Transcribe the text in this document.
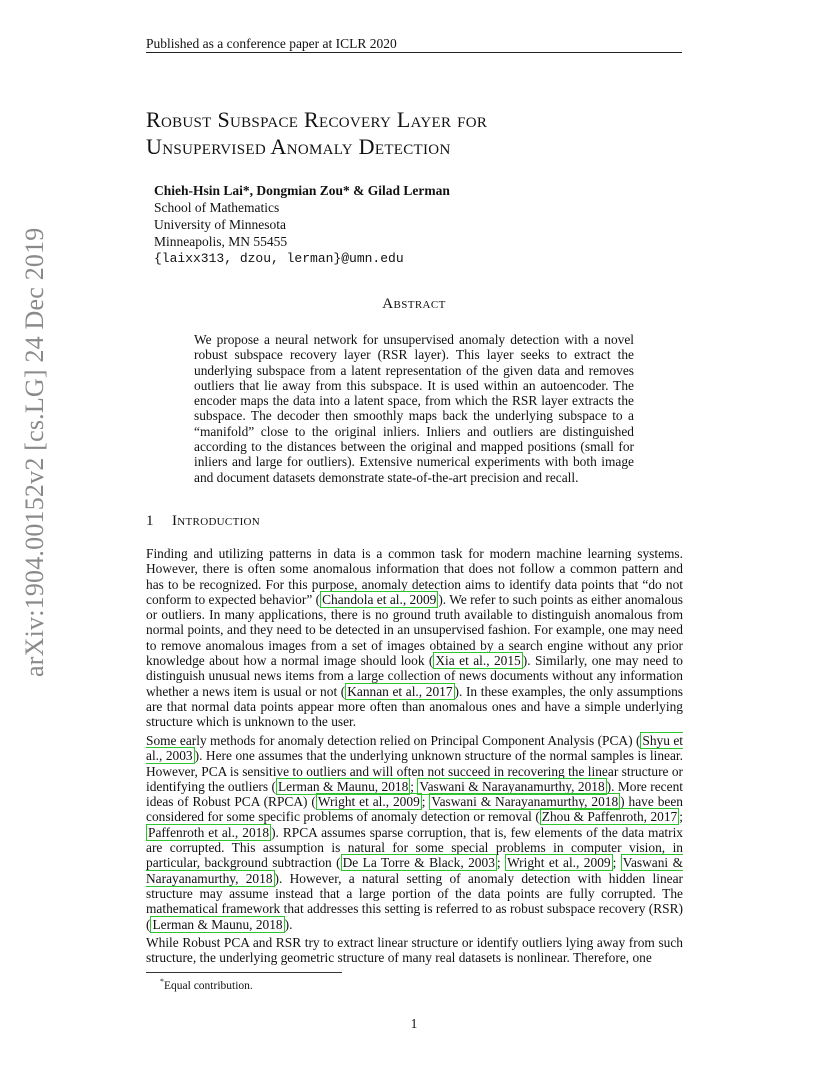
Published as a conference paper at ICLR 2020
arXiv:1904.00152v2 [cs.LG] 24 Dec 2019
Robust Subspace Recovery Layer for
Unsupervised Anomaly Detection
Chieh-Hsin Lai*, Dongmian Zou* & Gilad Lerman
School of Mathematics
University of Minnesota
Minneapolis, MN 55455
{laixx313, dzou, lerman}@umn.edu
Abstract
We propose a neural network for unsupervised anomaly detection with a novel robust subspace recovery layer (RSR layer). This layer seeks to extract the underlying subspace from a latent representation of the given data and removes outliers that lie away from this subspace. It is used within an autoencoder. The encoder maps the data into a latent space, from which the RSR layer extracts the subspace. The decoder then smoothly maps back the underlying subspace to a “manifold” close to the original inliers. Inliers and outliers are distinguished according to the distances between the original and mapped positions (small for inliers and large for outliers). Extensive numerical experiments with both image and document datasets demonstrate state-of-the-art precision and recall.
1 Introduction
Finding and utilizing patterns in data is a common task for modern machine learning systems. However, there is often some anomalous information that does not follow a common pattern and has to be recognized. For this purpose, anomaly detection aims to identify data points that “do not conform to expected behavior” ( Chandola et al., 2009 ). We refer to such points as either anomalous or outliers. In many applications, there is no ground truth available to distinguish anomalous from normal points, and they need to be detected in an unsupervised fashion. For example, one may need to remove anomalous images from a set of images obtained by a search engine without any prior knowledge about how a normal image should look ( Xia et al., 2015 ). Similarly, one may need to distinguish unusual news items from a large collection of news documents without any information whether a news item is usual or not ( Kannan et al., 2017 ). In these examples, the only assumptions are that normal data points appear more often than anomalous ones and have a simple underlying structure which is unknown to the user.
Some early methods for anomaly detection relied on Principal Component Analysis (PCA) ( Shyu et al., 2003 ). Here one assumes that the underlying unknown structure of the normal samples is linear. However, PCA is sensitive to outliers and will often not succeed in recovering the linear structure or identifying the outliers ( Lerman & Maunu, 2018 ; Vaswani & Narayanamurthy, 2018 ). More recent ideas of Robust PCA (RPCA) ( Wright et al., 2009 ; Vaswani & Narayanamurthy, 2018 ) have been considered for some specific problems of anomaly detection or removal ( Zhou & Paffenroth, 2017 ; Paffenroth et al., 2018 ). RPCA assumes sparse corruption, that is, few elements of the data matrix are corrupted. This assumption is natural for some special problems in computer vision, in particular, background subtraction ( De La Torre & Black, 2003 ; Wright et al., 2009 ; Vaswani & Narayanamurthy, 2018 ). However, a natural setting of anomaly detection with hidden linear structure may assume instead that a large portion of the data points are fully corrupted. The mathematical framework that addresses this setting is referred to as robust subspace recovery (RSR) ( Lerman & Maunu, 2018 ).
While Robust PCA and RSR try to extract linear structure or identify outliers lying away from such structure, the underlying geometric structure of many real datasets is nonlinear. Therefore, one
*Equal contribution.
1
